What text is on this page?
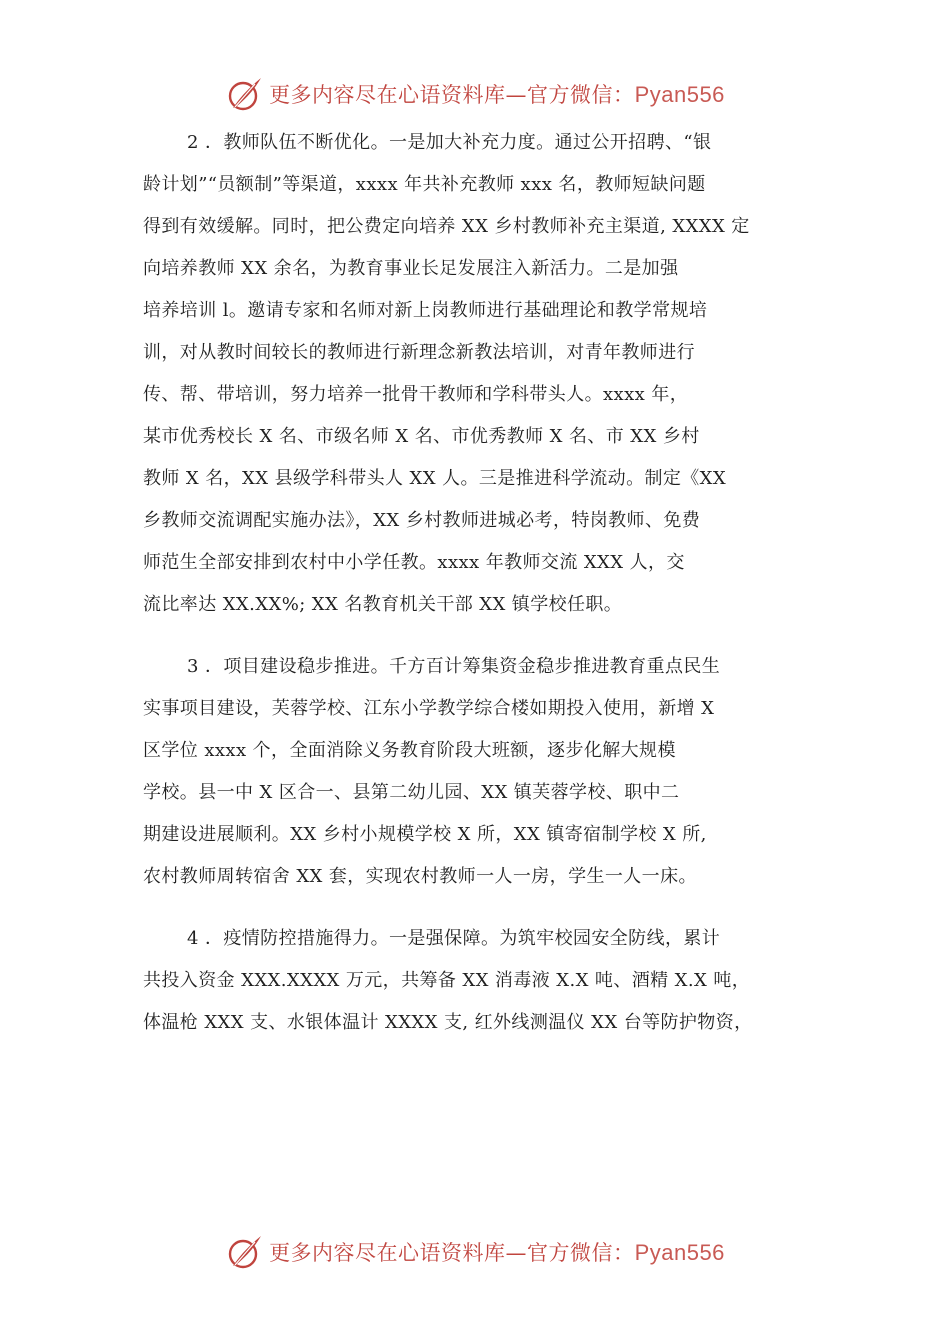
更多内容尽在心语资料库—官方微信：Pyan556
2 ．教师队伍不断优化。一是加大补充力度。通过公开招聘、“银
龄计划”“员额制”等渠道，xxxx 年共补充教师 xxx 名，教师短缺问题
得到有效缓解。同时，把公费定向培养 XX 乡村教师补充主渠道, XXXX 定
向培养教师 XX 余名，为教育事业长足发展注入新活力。二是加强
培养培训 l。邀请专家和名师对新上岗教师进行基础理论和教学常规培
训，对从教时间较长的教师进行新理念新教法培训，对青年教师进行
传、帮、带培训，努力培养一批骨干教师和学科带头人。xxxx 年，
某市优秀校长 X 名、市级名师 X 名、市优秀教师 X 名、市 XX 乡村
教师 X 名，XX 县级学科带头人 XX 人。三是推进科学流动。制定《XX
乡教师交流调配实施办法》，XX 乡村教师进城必考，特岗教师、免费
师范生全部安排到农村中小学任教。xxxx 年教师交流 XXX 人，交
流比率达 XX.XX%; XX 名教育机关干部 XX 镇学校任职。
3 ．项目建设稳步推进。千方百计筹集资金稳步推进教育重点民生
实事项目建设，芙蓉学校、江东小学教学综合楼如期投入使用，新增 X
区学位 xxxx 个，全面消除义务教育阶段大班额，逐步化解大规模
学校。县一中 X 区合一、县第二幼儿园、XX 镇芙蓉学校、职中二
期建设进展顺利。XX 乡村小规模学校 X 所，XX 镇寄宿制学校 X 所,
农村教师周转宿舍 XX 套，实现农村教师一人一房，学生一人一床。
4 ．疫情防控措施得力。一是强保障。为筑牢校园安全防线，累计
共投入资金 XXX.XXXX 万元，共筹备 XX 消毒液 X.X 吨、酒精 X.X 吨，
体温枪 XXX 支、水银体温计 XXXX 支, 红外线测温仪 XX 台等防护物资，
更多内容尽在心语资料库—官方微信：Pyan556
